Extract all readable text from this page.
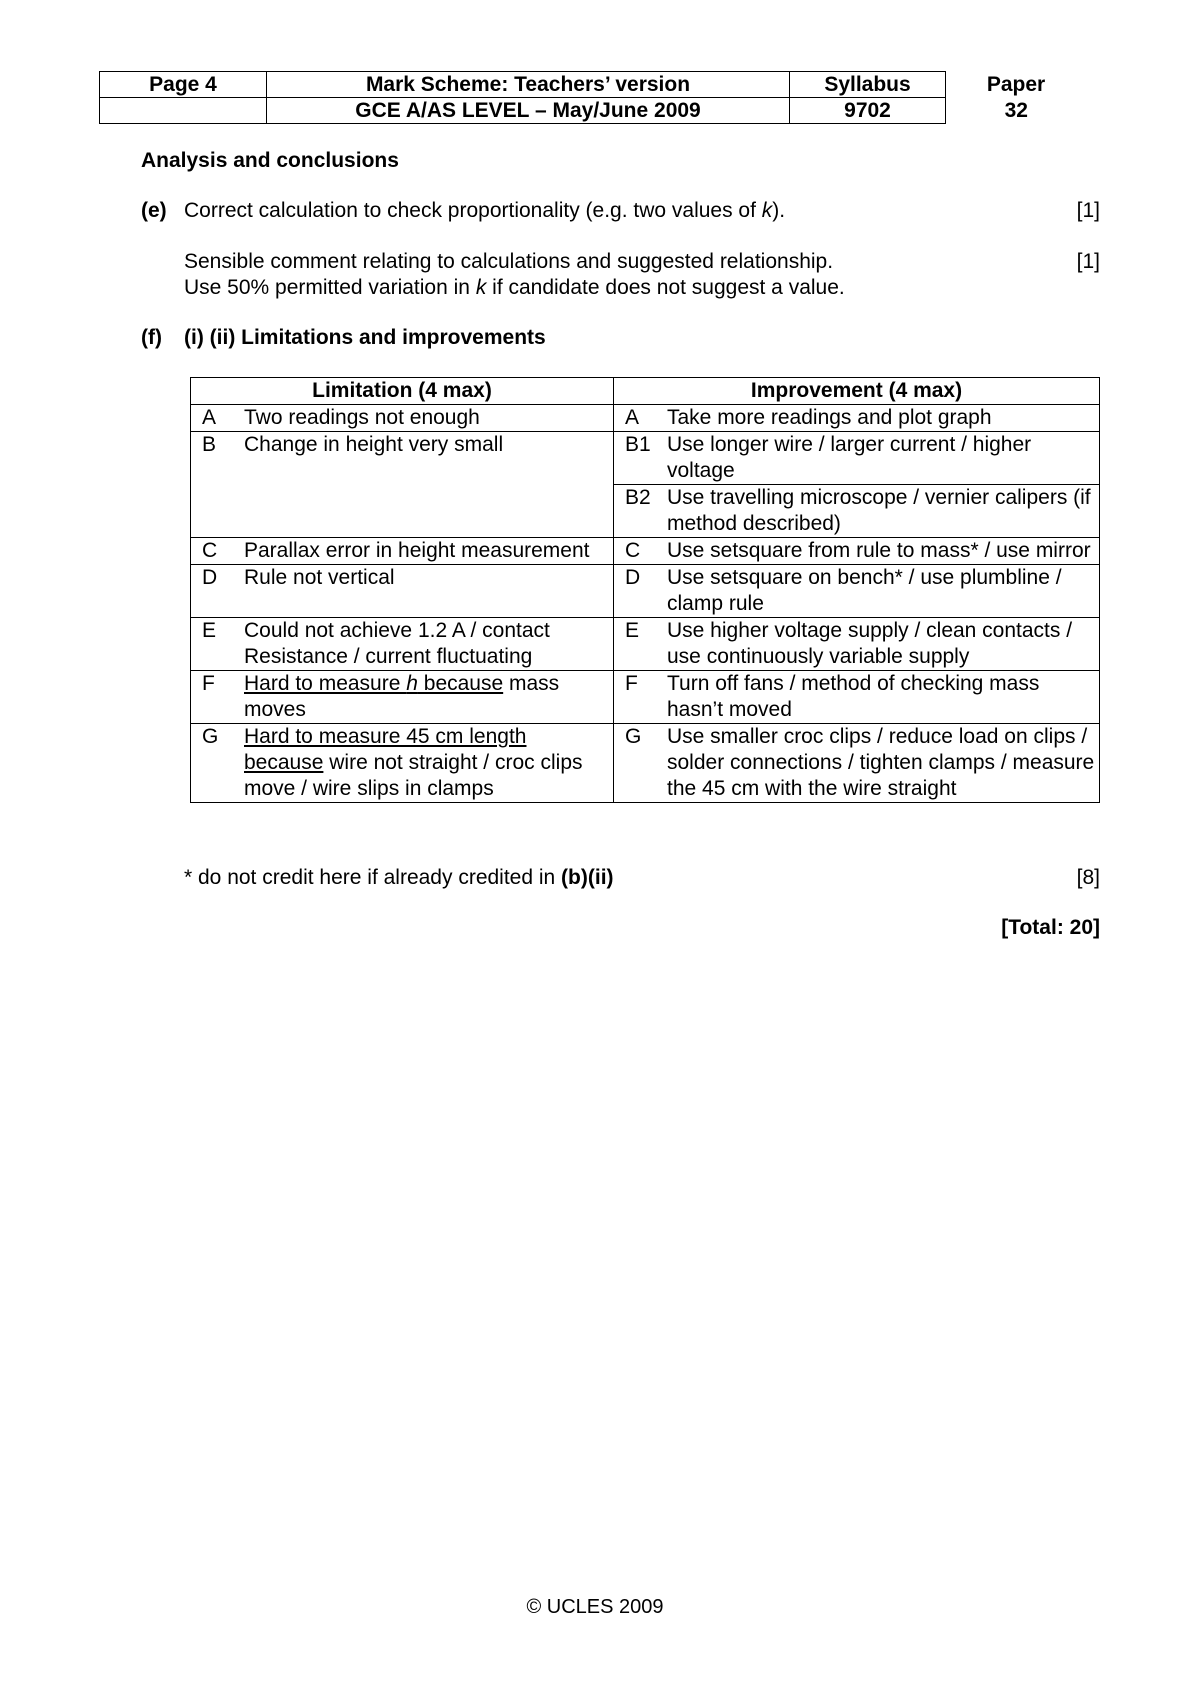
Page 4	Mark Scheme: Teachers’ version	Syllabus	Paper
	GCE A/AS LEVEL – May/June 2009	9702	32
Analysis and conclusions
(e) Correct calculation to check proportionality (e.g. two values of k).	[1]
Sensible comment relating to calculations and suggested relationship.	[1]
Use 50% permitted variation in k if candidate does not suggest a value.
(f) (i) (ii) Limitations and improvements
Limitation (4 max)	Improvement (4 max)

A Two readings not enough	A Take more readings and plot graph

B Change in height very small	B1 Use longer wire / larger current / higher voltage

	B2 Use travelling microscope / vernier calipers (if method described)

C Parallax error in height measurement	C Use setsquare from rule to mass* / use mirror

D Rule not vertical	D Use setsquare on bench* / use plumbline / clamp rule

E Could not achieve 1.2 A / contact Resistance / current fluctuating	E Use higher voltage supply / clean contacts / use continuously variable supply

F Hard to measure h because mass moves	F Turn off fans / method of checking mass hasn’t moved

G Hard to measure 45 cm length because wire not straight / croc clips move / wire slips in clamps	G Use smaller croc clips / reduce load on clips / solder connections / tighten clamps / measure the 45 cm with the wire straight
* do not credit here if already credited in (b)(ii)	[8]
[Total: 20]
© UCLES 2009
